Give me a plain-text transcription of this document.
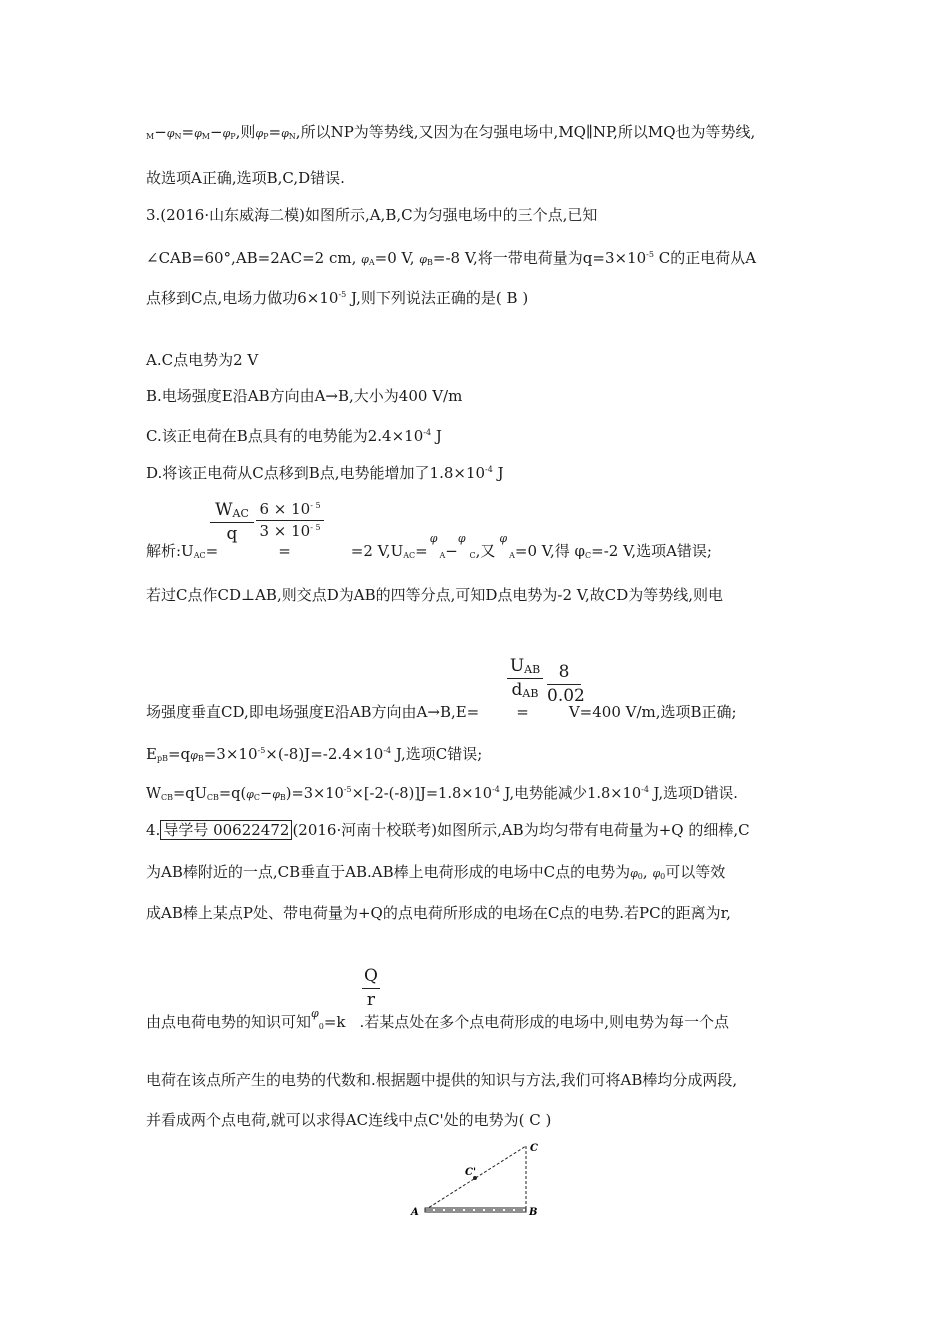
$_M-\varphi_N=\varphi_M-\varphi_P$,则$\varphi_P=\varphi_N$,所以NP为等势线,又因为在匀强电场中,MQ∥NP,所以MQ也为等势线,
故选项A正确,选项B,C,D错误.
3.(2016·山东威海二模)如图所示,A,B,C为匀强电场中的三个点,已知
∠CAB=60°,AB=2AC=2 cm, $\varphi_A=0$ V, $\varphi_B=-8$ V,将一带电荷量为$q=3\times 10^{-5}$ C的正电荷从A
点移到C点,电场力做功$6\times 10^{-5}$ J,则下列说法正确的是( B )
A.C点电势为2 V
B.电场强度E沿AB方向由A→B,大小为400 V/m
C.该正电荷在B点具有的电势能为$2.4\times 10^{-4}$ J
D.将该正电荷从C点移到B点,电势能增加了$1.8\times 10^{-4}$ J
WAC
q	$\frac{6 \times 10^{- 5}}{3 \times 10^{- 5}}$
解析$:U_{AC}=$	=	=2 $V,U_{AC}=^\varphi_A-^\varphi_C$,又$^\varphi_A$=0 V,得 $\varphi_C=-2$ V,选项A错误;
若过C点作CD⊥AB,则交点D为AB的四等分点,可知D点电势为-2 V,故CD为等势线,则电
UAB
dAB $\frac{8}{0.02}$
场强度垂直CD,即电场强度E沿AB方向由A→B,E= =	V=400 V/m,选项B正确;
$E_{pB}=q\varphi_B=3\times 10^{-5}\times(-8)J=-2.4\times 10^{-4}$ J,选项C错误;
$W_{CB}=qU_{CB}=q(\varphi_C-\varphi_B)=3\times 10^{-5}\times[-2-(-8)]J=1.8\times 10^{-4}$ J,电势能减少$1.8\times 10^{-4}$ J,选项D错误.
4. 导学号 00622472 (2016·河南十校联考)如图所示,AB为均匀带有电荷量为+Q 的细棒,C
为AB棒附近的一点,CB垂直于AB.AB棒上电荷形成的电场中C点的电势为$\varphi_0$, $\varphi_0$可以等效
成AB棒上某点P处、带电荷量为+Q的点电荷所形成的电场在C点的电势.若PC的距离为r,
$\frac{Q}{r}$
由点电荷电势的知识可知$^\varphi_0$=k .若某点处在多个点电荷形成的电场中,则电势为每一个点
电荷在该点所产生的电势的代数和.根据题中提供的知识与方法,我们可将AB棒均分成两段,
并看成两个点电荷,就可以求得AC连线中点C'处的电势为( C )
A	B
C
C'
